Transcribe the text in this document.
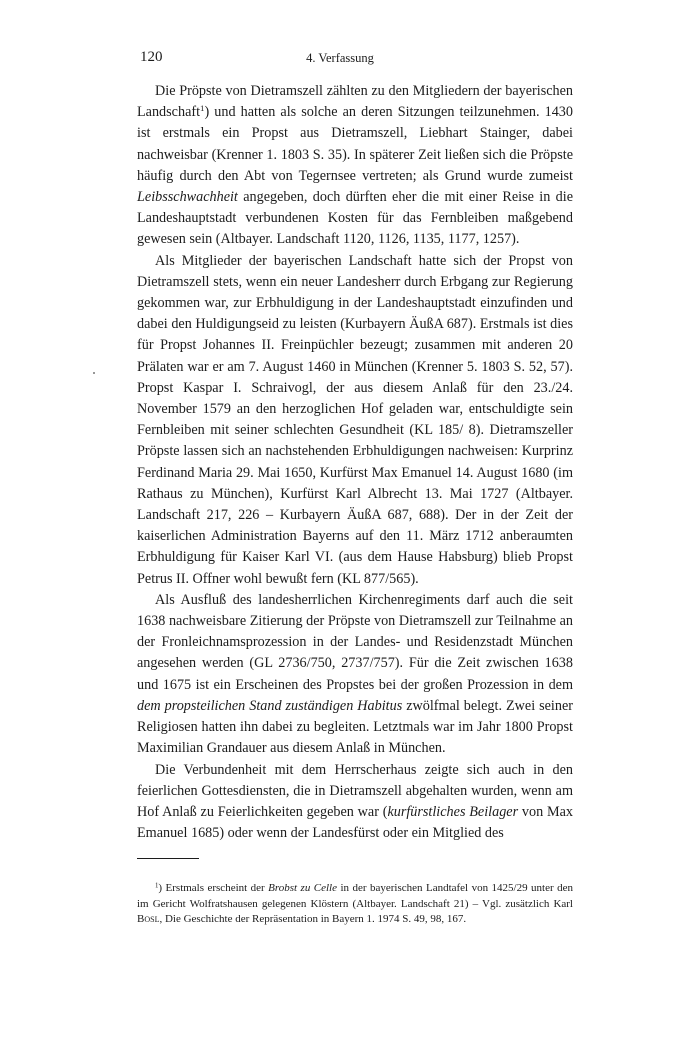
120	4. Verfassung

Die Pröpste von Dietramszell zählten zu den Mitgliedern der bayerischen Landschaft$^1$) und hatten als solche an deren Sitzungen teilzunehmen. 1430 ist erstmals ein Propst aus Dietramszell, Liebhart Stainger, dabei nachweisbar (Krenner 1. 1803 S. 35). In späterer Zeit ließen sich die Pröpste häufig durch den Abt von Tegernsee vertreten; als Grund wurde zumeist Leibsschwachheit angegeben, doch dürften eher die mit einer Reise in die Landeshauptstadt verbundenen Kosten für das Fernbleiben maßgebend gewesen sein (Altbayer. Landschaft 1120, 1126, 1135, 1177, 1257).

Als Mitglieder der bayerischen Landschaft hatte sich der Propst von Dietramszell stets, wenn ein neuer Landesherr durch Erbgang zur Regierung gekommen war, zur Erbhuldigung in der Landeshauptstadt einzufinden und dabei den Huldigungseid zu leisten (Kurbayern ÄußA 687). Erstmals ist dies für Propst Johannes II. Freinpüchler bezeugt; zusammen mit anderen 20 Prälaten war er am 7. August 1460 in München (Krenner 5. 1803 S. 52, 57). Propst Kaspar I. Schraivogl, der aus diesem Anlaß für den 23./24. November 1579 an den herzoglichen Hof geladen war, entschuldigte sein Fernbleiben mit seiner schlechten Gesundheit (KL 185/ 8). Dietramszeller Pröpste lassen sich an nachstehenden Erbhuldigungen nachweisen: Kurprinz Ferdinand Maria 29. Mai 1650, Kurfürst Max Emanuel 14. August 1680 (im Rathaus zu München), Kurfürst Karl Albrecht 13. Mai 1727 (Altbayer. Landschaft 217, 226 – Kurbayern ÄußA 687, 688). Der in der Zeit der kaiserlichen Administration Bayerns auf den 11. März 1712 anberaumten Erbhuldigung für Kaiser Karl VI. (aus dem Hause Habsburg) blieb Propst Petrus II. Offner wohl bewußt fern (KL 877/565).

Als Ausfluß des landesherrlichen Kirchenregiments darf auch die seit 1638 nachweisbare Zitierung der Pröpste von Dietramszell zur Teilnahme an der Fronleichnamsprozession in der Landes- und Residenzstadt München angesehen werden (GL 2736/750, 2737/757). Für die Zeit zwischen 1638 und 1675 ist ein Erscheinen des Propstes bei der großen Prozession in dem dem propsteilichen Stand zuständigen Habitus zwölfmal belegt. Zwei seiner Religiosen hatten ihn dabei zu begleiten. Letztmals war im Jahr 1800 Propst Maximilian Grandauer aus diesem Anlaß in München.

Die Verbundenheit mit dem Herrscherhaus zeigte sich auch in den feierlichen Gottesdiensten, die in Dietramszell abgehalten wurden, wenn am Hof Anlaß zu Feierlichkeiten gegeben war (kurfürstliches Beilager von Max Emanuel 1685) oder wenn der Landesfürst oder ein Mitglied des

$^1$) Erstmals erscheint der Brobst zu Celle in der bayerischen Landtafel von 1425/29 unter den im Gericht Wolfratshausen gelegenen Klöstern (Altbayer. Landschaft 21) – Vgl. zusätzlich Karl Bosl, Die Geschichte der Repräsentation in Bayern 1. 1974 S. 49, 98, 167.
